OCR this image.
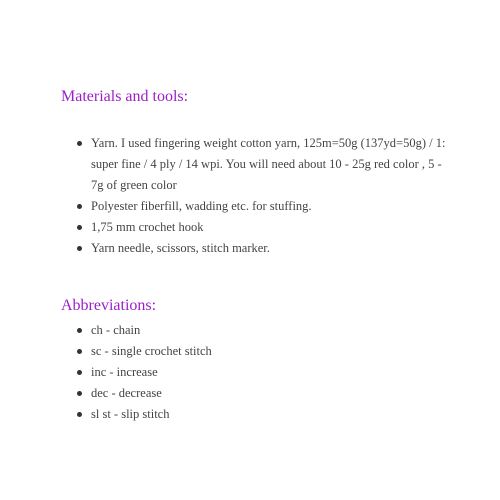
Materials and tools:
Yarn. I used fingering weight cotton yarn, 125m=50g (137yd=50g) / 1: super fine / 4 ply / 14 wpi. You will need about 10 - 25g red color , 5 - 7g of green color
Polyester fiberfill, wadding etc. for stuffing.
1,75 mm crochet hook
Yarn needle, scissors, stitch marker.
Abbreviations:
ch - chain
sc - single crochet stitch
inc - increase
dec - decrease
sl st - slip stitch
